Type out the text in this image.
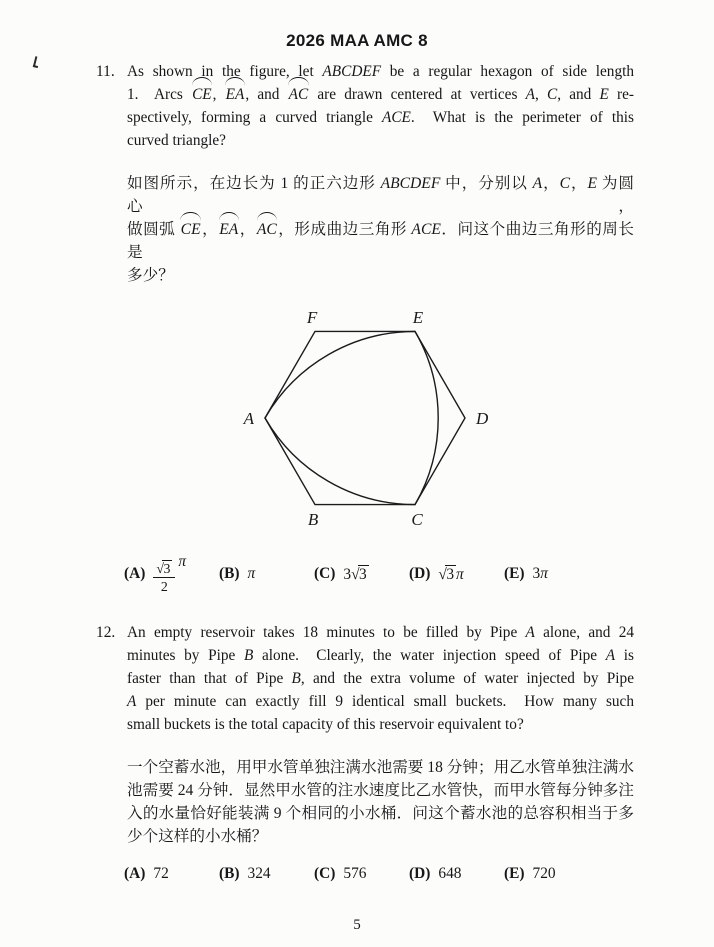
2026 MAA AMC 8
11. As shown in the figure, let ABCDEF be a regular hexagon of side length
1.  Arcs CE, EA, and AC are drawn centered at vertices A, C, and E re-
spectively, forming a curved triangle ACE.  What is the perimeter of this
curved triangle?
如图所示，在边长为 1 的正六边形 ABCDEF 中，分别以 A，C，E 为圆心，
做圆弧 CE，EA，AC，形成曲边三角形 ACE．问这个曲边三角形的周长是
多少？
A
B	C
D
E
F
$(A) \frac{√3}{2}$ π
(B) π	(C) 3√3	(D) √3 π	(E) 3π
12. An empty reservoir takes 18 minutes to be filled by Pipe A alone, and 24
minutes by Pipe B alone.  Clearly, the water injection speed of Pipe A is
faster than that of Pipe B, and the extra volume of water injected by Pipe
A per minute can exactly fill 9 identical small buckets.  How many such
small buckets is the total capacity of this reservoir equivalent to?
一个空蓄水池，用甲水管单独注满水池需要 18 分钟；用乙水管单独注满水
池需要 24 分钟．显然甲水管的注水速度比乙水管快，而甲水管每分钟多注
入的水量恰好能装满 9 个相同的小水桶．问这个蓄水池的总容积相当于多
少个这样的小水桶？
(A) 72	(B) 324	(C) 576	(D) 648	(E) 720
5
